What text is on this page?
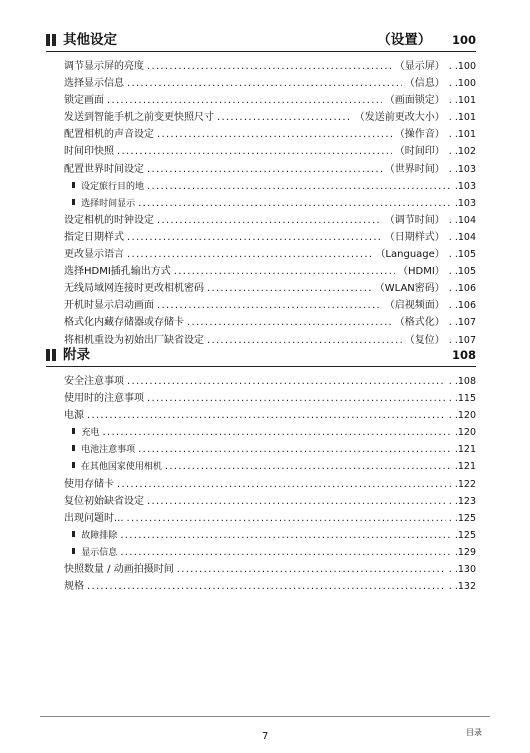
其他设定	（设置） 100
调节显示屏的亮度 .....	（显示屏） . .100
选择显示信息 .....	（信息） . .100
锁定画面 .....	（画面锁定） . .101
发送到智能手机之前变更快照尺寸 .....	（发送前更改大小） . .101
配置相机的声音设定 .....	（操作音） . .101
时间印快照 .....	（时间印） . .102
配置世界时间设定 .....	（世界时间） . .103
设定旅行目的地 .....	.103
选择时间显示 .....	.103
设定相机的时钟设定 .....	（调节时间） . .104
指定日期样式 .....	（日期样式） . .104
更改显示语言 .....	（Language） . .105
选择HDMI插孔输出方式 .....	（HDMI） . .105
无线局域网连接时更改相机密码 .....	（WLAN密码） . .106
开机时显示启动画面 .....	（启视频面） . .106
格式化内藏存储器或存储卡 .....	（格式化） . .107
将相机重设为初始出厂缺省设定 .....	（复位） . .107
附录	108
安全注意事项 .....	. .108
使用时的注意事项 .....	. .115
电源 .....	. .120
充电 .....	.120
电池注意事项 .....	.121
在其他国家使用相机 .....	.121
使用存储卡 .....	. .122
复位初始缺省设定 .....	. .123
出现问题时... .....	. .125
故障排除 .....	.125
显示信息 .....	.129
快照数量 / 动画拍摄时间 .....	. .130
规格 .....	. .132
7	目录
